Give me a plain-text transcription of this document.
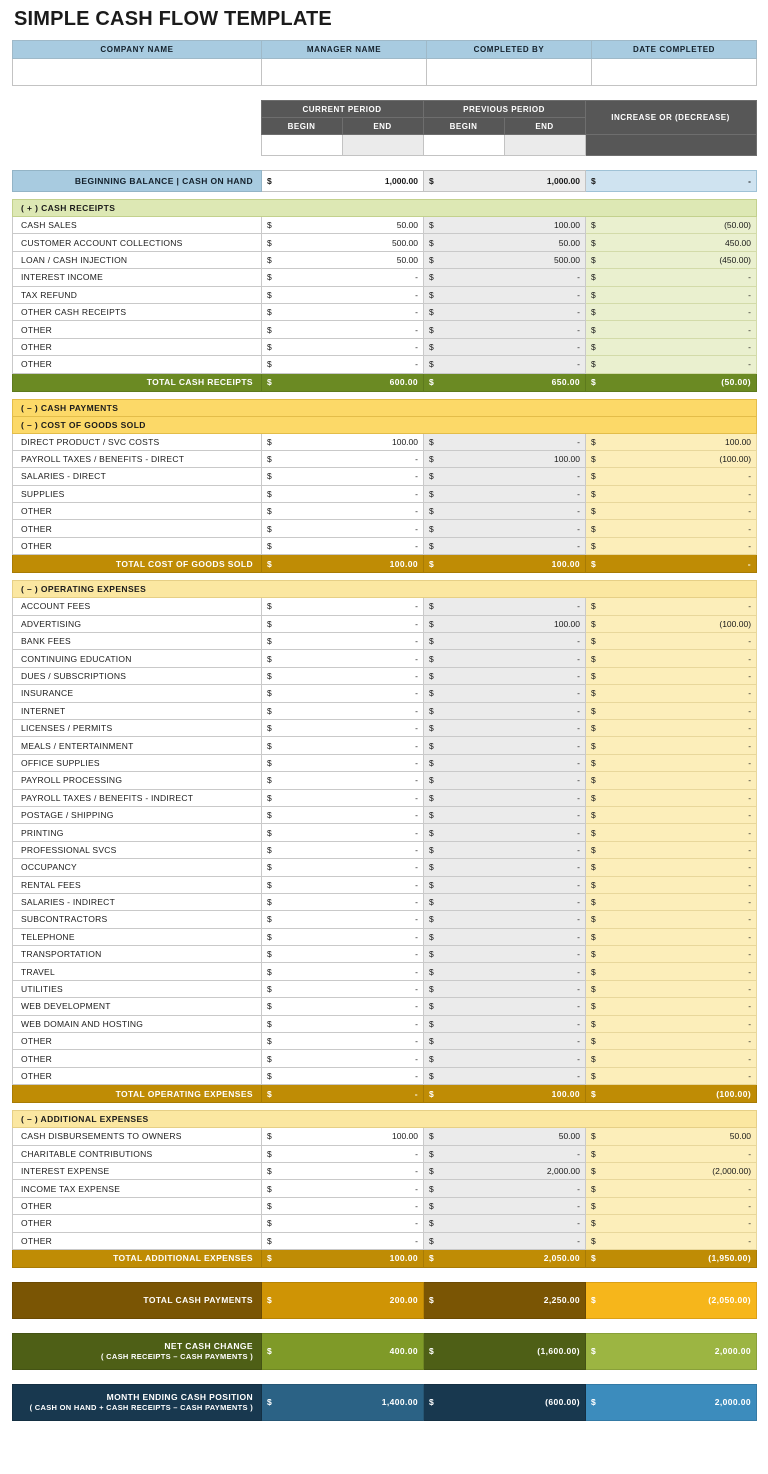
SIMPLE CASH FLOW TEMPLATE
COMPANY NAME	MANAGER NAME	COMPLETED BY	DATE COMPLETED

	CURRENT PERIOD		PREVIOUS PERIOD		INCREASE OR (DECREASE)
	BEGIN	END	BEGIN	END	

BEGINNING BALANCE | CASH ON HAND	$	1,000.00	$	1,000.00	$	-
( + ) CASH RECEIPTS			
CASH SALES	$ 50.00	$ 100.00	$ (50.00)

CUSTOMER ACCOUNT COLLECTIONS	$ 500.00	$ 50.00	$ 450.00

LOAN / CASH INJECTION	$ 50.00	$ 500.00	$ (450.00)

INTEREST INCOME	$ -	$ -	$ -

TAX REFUND	$ -	$ -	$ -

OTHER CASH RECEIPTS	$ -	$ -	$ -

OTHER	$ -	$ -	$ -

OTHER	$ -	$ -	$ -

OTHER	$ -	$ -	$ -

TOTAL CASH RECEIPTS	$ 600.00	$ 650.00	$ (50.00)
( – ) CASH PAYMENTS			
( – ) COST OF GOODS SOLD			
DIRECT PRODUCT / SVC COSTS	$ 100.00	$ -	$ 100.00

PAYROLL TAXES / BENEFITS - DIRECT	$ -	$ 100.00	$ (100.00)

SALARIES - DIRECT	$ -	$ -	$ -

SUPPLIES	$ -	$ -	$ -

OTHER	$ -	$ -	$ -

OTHER	$ -	$ -	$ -

OTHER	$ -	$ -	$ -

TOTAL COST OF GOODS SOLD	$ 100.00	$ 100.00	$ -
( – ) OPERATING EXPENSES			
ACCOUNT FEES	$ -	$ -	$ -

ADVERTISING	$ -	$ 100.00	$ (100.00)

BANK FEES	$ -	$ -	$ -

CONTINUING EDUCATION	$ -	$ -	$ -

DUES / SUBSCRIPTIONS	$ -	$ -	$ -

INSURANCE	$ -	$ -	$ -

INTERNET	$ -	$ -	$ -

LICENSES / PERMITS	$ -	$ -	$ -

MEALS / ENTERTAINMENT	$ -	$ -	$ -

OFFICE SUPPLIES	$ -	$ -	$ -

PAYROLL PROCESSING	$ -	$ -	$ -

PAYROLL TAXES / BENEFITS - INDIRECT	$ -	$ -	$ -

POSTAGE / SHIPPING	$ -	$ -	$ -

PRINTING	$ -	$ -	$ -

PROFESSIONAL SVCS	$ -	$ -	$ -

OCCUPANCY	$ -	$ -	$ -

RENTAL FEES	$ -	$ -	$ -

SALARIES - INDIRECT	$ -	$ -	$ -

SUBCONTRACTORS	$ -	$ -	$ -

TELEPHONE	$ -	$ -	$ -

TRANSPORTATION	$ -	$ -	$ -

TRAVEL	$ -	$ -	$ -

UTILITIES	$ -	$ -	$ -

WEB DEVELOPMENT	$ -	$ -	$ -

WEB DOMAIN AND HOSTING	$ -	$ -	$ -

OTHER	$ -	$ -	$ -

OTHER	$ -	$ -	$ -

OTHER	$ -	$ -	$ -

TOTAL OPERATING EXPENSES	$ -	$ 100.00	$ (100.00)
( – ) ADDITIONAL EXPENSES			
CASH DISBURSEMENTS TO OWNERS	$ 100.00	$ 50.00	$ 50.00

CHARITABLE CONTRIBUTIONS	$ -	$ -	$ -

INTEREST EXPENSE	$ -	$ 2,000.00	$ (2,000.00)

INCOME TAX EXPENSE	$ -	$ -	$ -

OTHER	$ -	$ -	$ -

OTHER	$ -	$ -	$ -

OTHER	$ -	$ -	$ -

TOTAL ADDITIONAL EXPENSES	$ 100.00	$ 2,050.00	$ (1,950.00)
TOTAL CASH PAYMENTS	$	200.00	$	2,250.00	$	(2,050.00)
NET CASH CHANGE
( CASH RECEIPTS – CASH PAYMENTS )

$	400.00	$	(1,600.00)	$	2,000.00
MONTH ENDING CASH POSITION
( CASH ON HAND + CASH RECEIPTS – CASH PAYMENTS )

$	1,400.00	$	(600.00)	$	2,000.00
